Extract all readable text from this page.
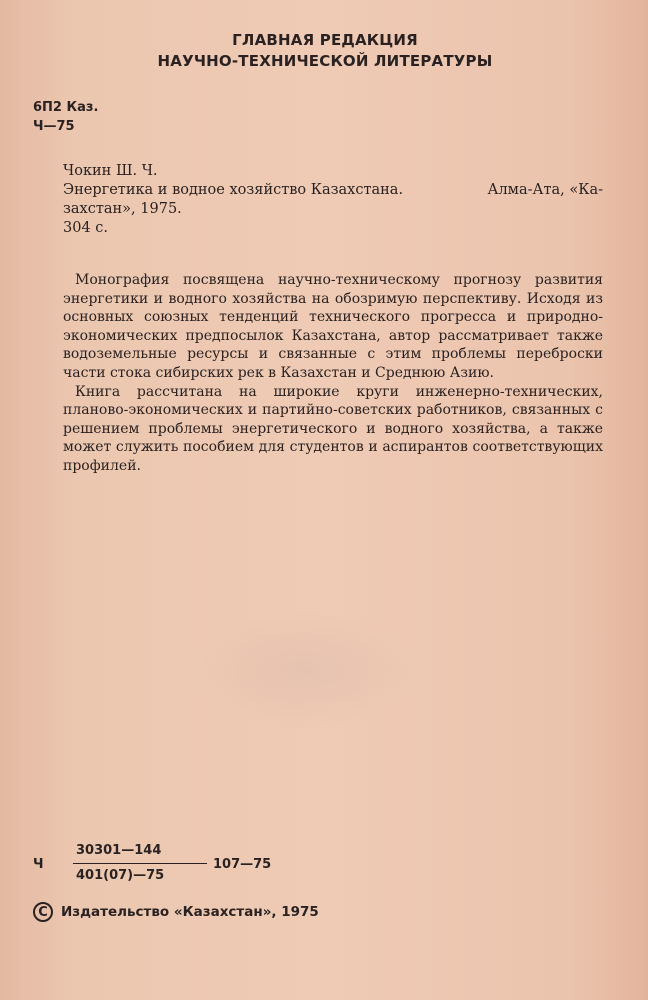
ГЛАВНАЯ РЕДАКЦИЯ
НАУЧНО-ТЕХНИЧЕСКОЙ ЛИТЕРАТУРЫ
6П2 Каз.
Ч—75
Чокин Ш. Ч.
Энергетика и водное хозяйство Казахстана.	Алма-Ата, «Ка-
захстан», 1975.
304 с.

Монография посвящена научно-техническому прогнозу развития энергетики и водного хозяйства на обозримую перспективу. Исходя из основных союзных тенденций технического прогресса и природно-экономических предпосылок Казахстана, автор рассматривает также водоземельные ресурсы и связанные с этим проблемы переброски части стока сибирских рек в Казахстан и Среднюю Азию.

Книга рассчитана на широкие круги инженерно-технических, планово-экономических и партийно-советских работников, связанных с решением проблемы энергетического и водного хозяйства, а также может служить пособием для студентов и аспирантов соответствующих профилей.

Ч
30301—144
401(07)—75
107—75
C Издательство «Казахстан», 1975
